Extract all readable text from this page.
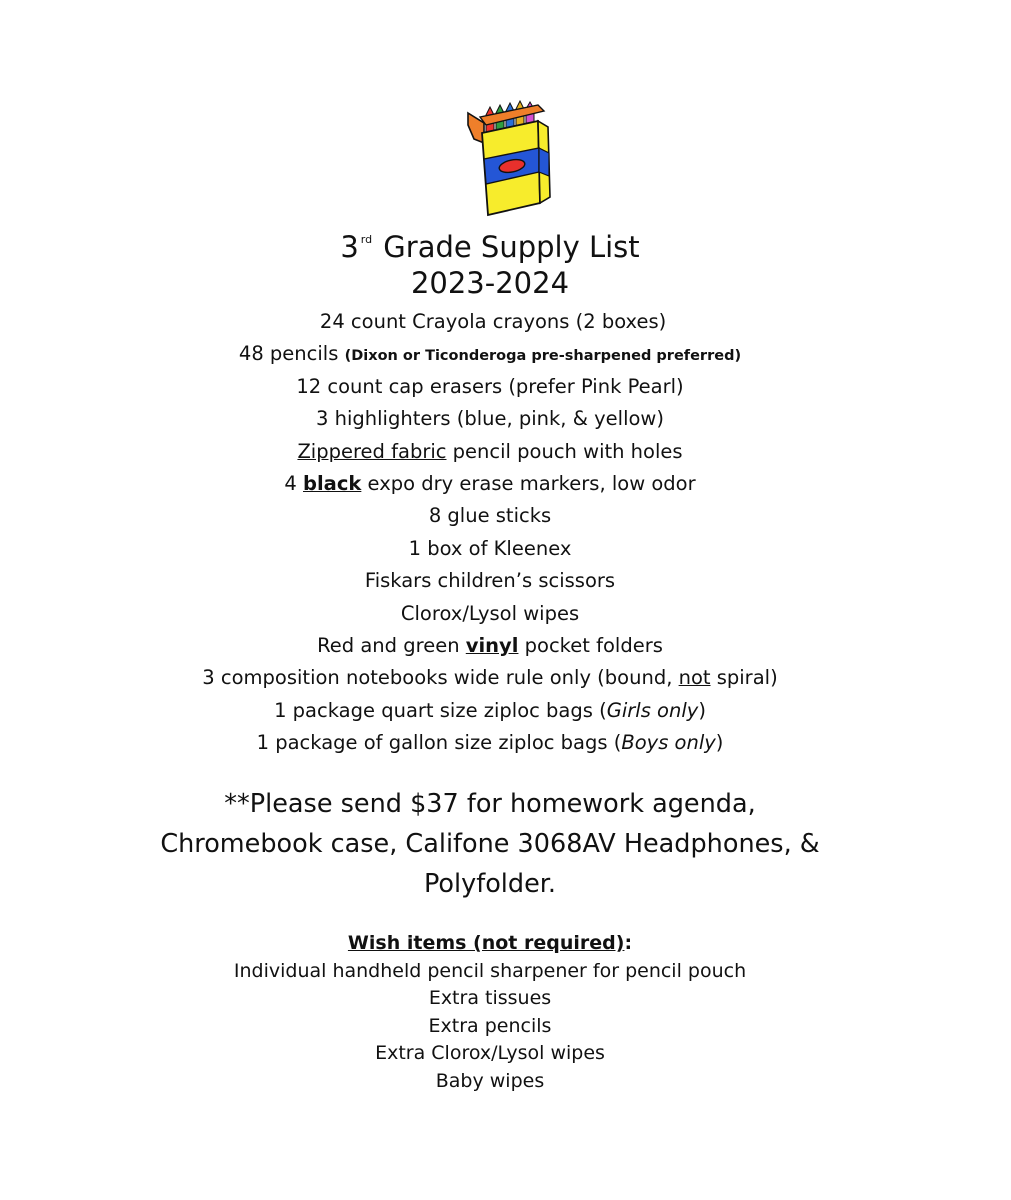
3 $^{rd}$ Grade Supply List
2023-2024
24 count Crayola crayons (2 boxes)
48 pencils (Dixon or Ticonderoga pre-sharpened preferred)
12 count cap erasers (prefer Pink Pearl)
3 highlighters (blue, pink, & yellow)
Zippered fabric pencil pouch with holes
4 black expo dry erase markers, low odor
8 glue sticks
1 box of Kleenex
Fiskars children’s scissors
Clorox/Lysol wipes
Red and green vinyl pocket folders
3 composition notebooks wide rule only (bound, not spiral)
1 package quart size ziploc bags (Girls only)
1 package of gallon size ziploc bags (Boys only)
**Please send $37 for homework agenda,
Chromebook case, Califone 3068AV Headphones, &
Polyfolder.
Wish items (not required):
Individual handheld pencil sharpener for pencil pouch
Extra tissues
Extra pencils
Extra Clorox/Lysol wipes
Baby wipes
